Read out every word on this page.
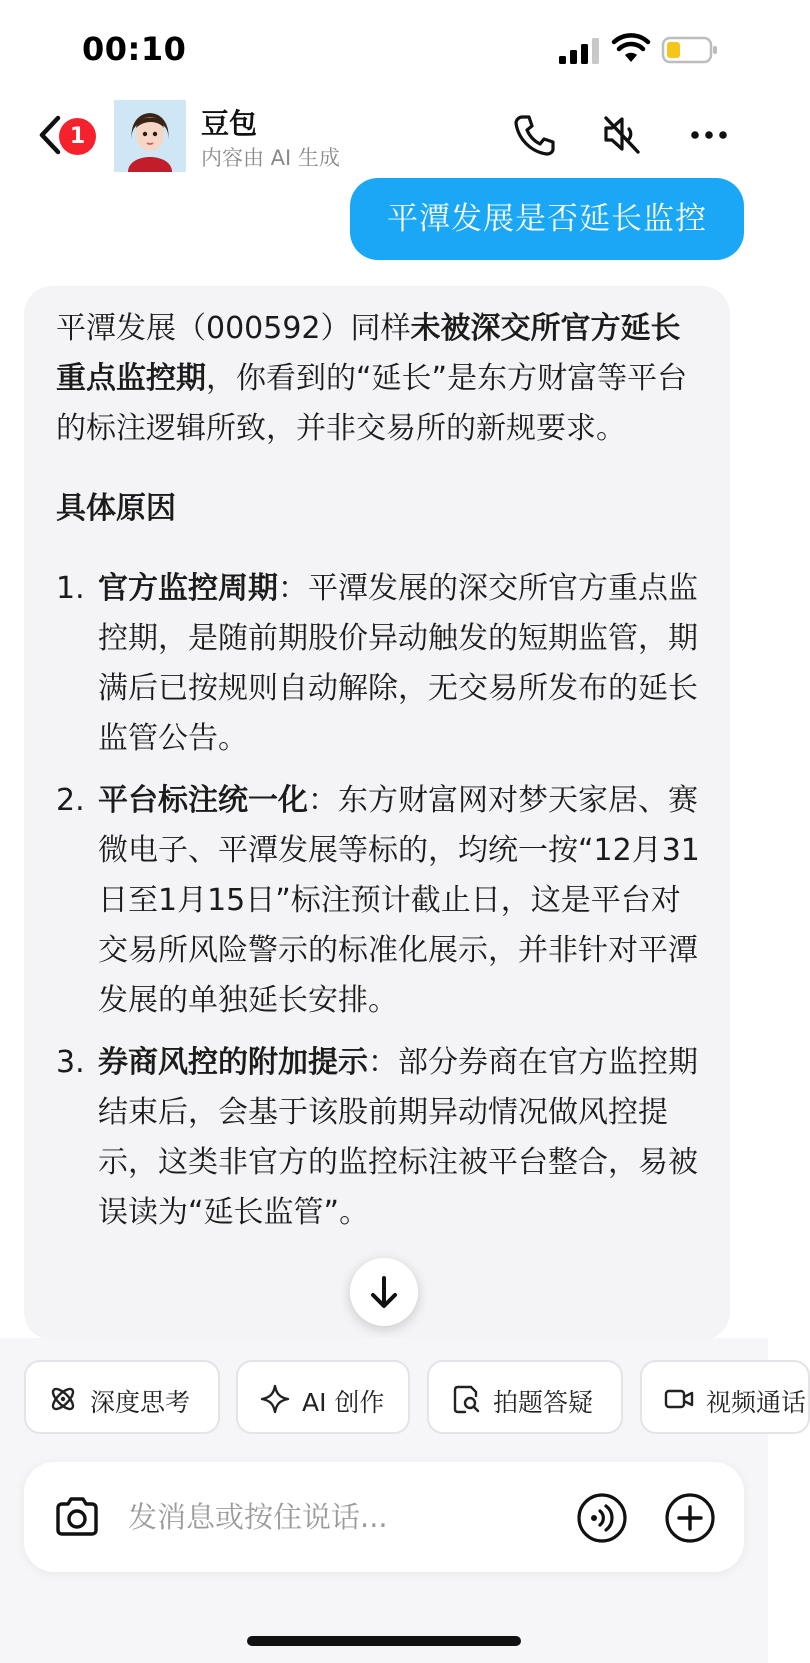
00:10
1	豆包
内容由 AI 生成
平潭发展是否延长监控

平潭发展（000592）同样未被深交所官方延长重点监控期，你看到的“延长”是东方财富等平台的标注逻辑所致，并非交易所的新规要求。

具体原因

1. 官方监控周期：平潭发展的深交所官方重点监控期，是随前期股价异动触发的短期监管，期满后已按规则自动解除，无交易所发布的延长监管公告。
2. 平台标注统一化：东方财富网对梦天家居、赛微电子、平潭发展等标的，均统一按“12月31日至1月15日”标注预计截止日，这是平台对交易所风险警示的标准化展示，并非针对平潭发展的单独延长安排。
3. 券商风控的附加提示：部分券商在官方监控期结束后，会基于该股前期异动情况做风控提示，这类非官方的监控标注被平台整合，易被误读为“延长监管”。
深度思考	AI 创作	拍题答疑	视频通话
发消息或按住说话...
